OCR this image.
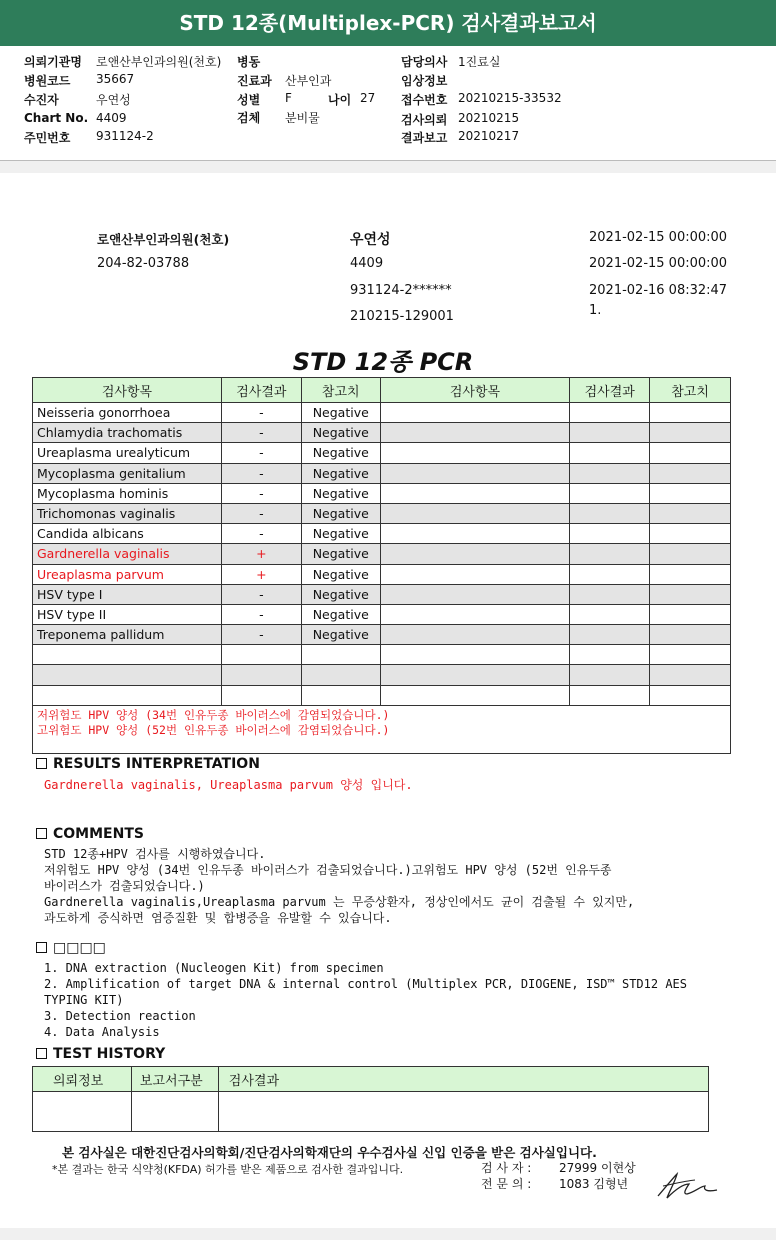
STD 12종(Multiplex-PCR) 검사결과보고서
의뢰기관명 로앤산부인과의원(천호)
병원코드 35667
수진자	우연성
Chart No. 4409
주민번호 931124-2
병동
진료과 산부인과
성별 F	나이 27
검체 분비물
담당의사 1진료실
임상정보
접수번호 20210215-33532
검사의뢰 20210215
결과보고 20210217
로앤산부인과의원(천호)
204-82-03788
우연성
4409
931124-2******
210215-129001
2021-02-15 00:00:00
2021-02-15 00:00:00
2021-02-16 08:32:47
1.
STD 12종 PCR
검사항목	검사결과	참고치	검사항목	검사결과	참고치
Neisseria gonorrhoea	-	Negative			
Chlamydia trachomatis	-	Negative			
Ureaplasma urealyticum	-	Negative			
Mycoplasma genitalium	-	Negative			
Mycoplasma hominis	-	Negative			
Trichomonas vaginalis	-	Negative			
Candida albicans	-	Negative			
Gardnerella vaginalis	+	Negative			
Ureaplasma parvum	+	Negative			
HSV type I	-	Negative			
HSV type II	-	Negative			
Treponema pallidum	-	Negative			

저위험도 HPV 양성 (34번 인유두종 바이러스에 감염되었습니다.)
고위험도 HPV 양성 (52번 인유두종 바이러스에 감염되었습니다.)					
RESULTS INTERPRETATION
Gardnerella vaginalis, Ureaplasma parvum 양성 입니다.
COMMENTS
STD 12종+HPV 검사를 시행하였습니다.
저위험도 HPV 양성 (34번 인유두종 바이러스가 검출되었습니다.)고위험도 HPV 양성 (52번 인유두종
바이러스가 검출되었습니다.)
Gardnerella vaginalis,Ureaplasma parvum 는 무증상환자, 정상인에서도 균이 검출될 수 있지만,
과도하게 증식하면 염증질환 및 합병증을 유발할 수 있습니다.
□□□□
1. DNA extraction (Nucleogen Kit) from specimen
2. Amplification of target DNA & internal control (Multiplex PCR, DIOGENE, ISD™ STD12 AES
TYPING KIT)
3. Detection reaction
4. Data Analysis
TEST HISTORY
의뢰정보	보고서구분	검사결과

본 검사실은 대한진단검사의학회/진단검사의학재단의 우수검사실 신입 인증을 받은 검사실입니다.
*본 결과는 한국 식약청(KFDA) 허가를 받은 제품으로 검사한 결과입니다.	검 사 자 : 27999 이현상
전 문 의 : 1083 김형년
